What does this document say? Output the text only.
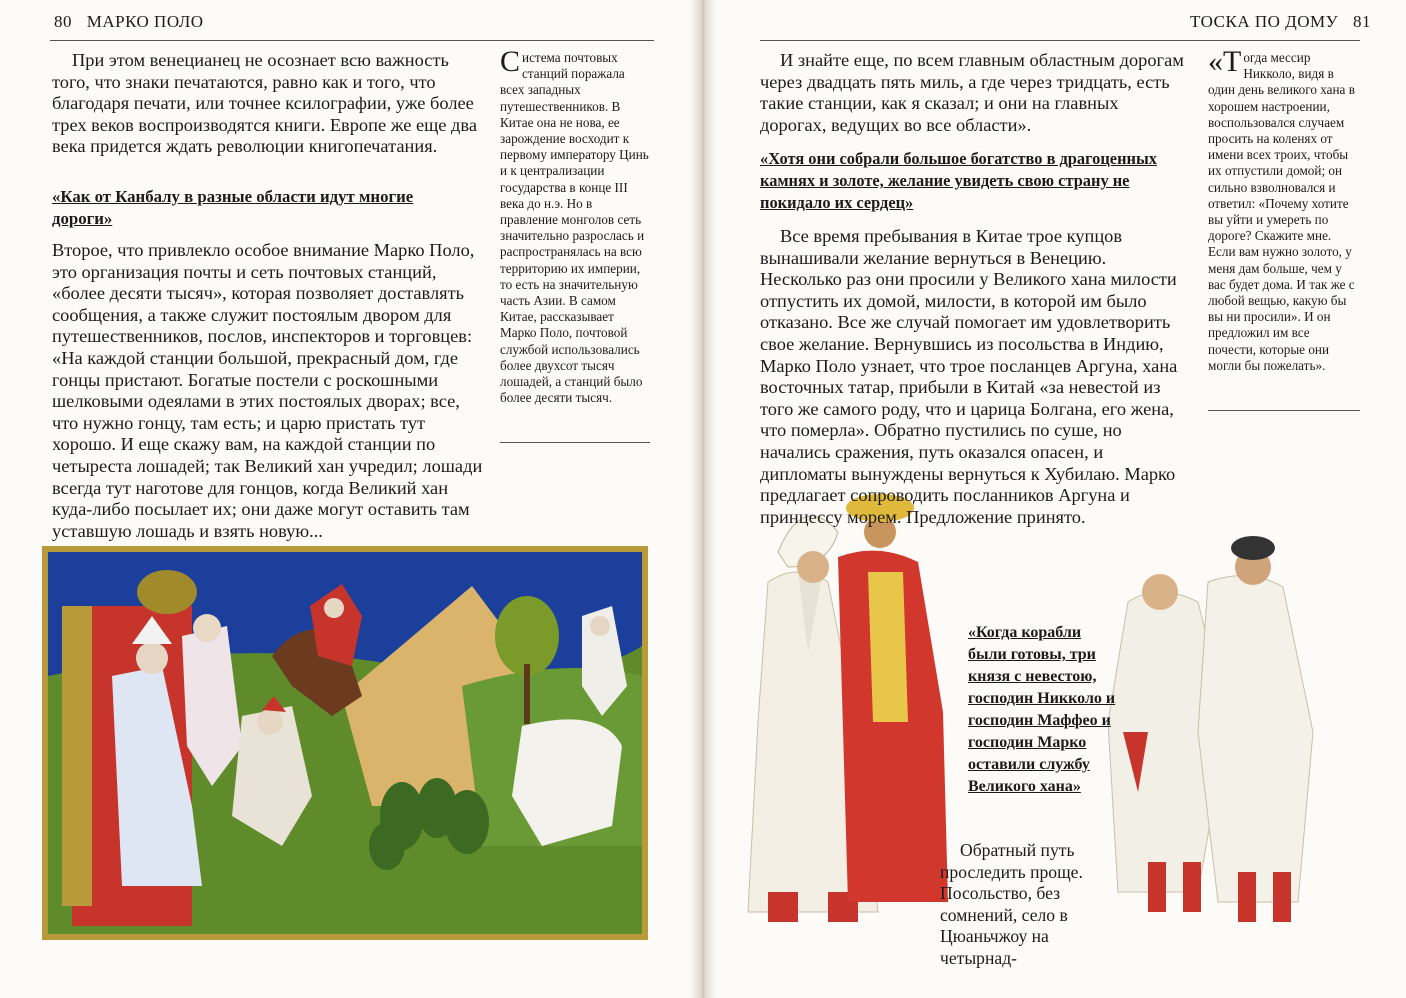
80 МАРКО ПОЛО

При этом венецианец не осознает всю важность того, что знаки печатаются, равно как и того, что благодаря печати, или точнее ксилографии, уже более трех веков воспроизводятся книги. Европе же еще два века придется ждать революции книгопечатания.

«Как от Канбалу в разные области идут многие дороги»

Второе, что привлекло особое внимание Марко Поло, это организация почты и сеть почтовых станций, «более десяти тысяч», которая позволяет доставлять сообщения, а также служит постоялым двором для путешественников, послов, инспекторов и торговцев: «На каждой станции большой, прекрасный дом, где гонцы пристают. Богатые постели с роскошными шелковыми одеялами в этих постоялых дворах; все, что нужно гонцу, там есть; и царю пристать тут хорошо. И еще скажу вам, на каждой станции по четыреста лошадей; так Великий хан учредил; лошади всегда тут наготове для гонцов, когда Великий хан куда-либо посылает их; они даже могут оставить там уставшую лошадь и взять новую...

Система почтовых станций поражала всех западных путешественников. В Китае она не нова, ее зарождение восходит к первому императору Цинь и к централизации государства в конце III века до н.э. Но в правление монголов сеть значительно разрослась и распространялась на всю территорию их империи, то есть на значительную часть Азии. В самом Китае, рассказывает Марко Поло, почтовой службой использовались более двухсот тысяч лошадей, а станций было более десяти тысяч.
ТОСКА ПО ДОМУ 81

И знайте еще, по всем главным областным дорогам через двадцать пять миль, а где через тридцать, есть такие станции, как я сказал; и они на главных дорогах, ведущих во все области».

«Хотя они собрали большое богатство в драгоценных камнях и золоте, желание увидеть свою страну не покидало их сердец»

Все время пребывания в Китае трое купцов вынашивали желание вернуться в Венецию. Несколько раз они просили у Великого хана милости отпустить их домой, милости, в которой им было отказано. Все же случай помогает им удовлетворить свое желание. Вернувшись из посольства в Индию, Марко Поло узнает, что трое посланцев Аргуна, хана восточных татар, прибыли в Китай «за невестой из того же самого роду, что и царица Болгана, его жена, что померла». Обратно пустились по суше, но начались сражения, путь оказался опасен, и дипломаты вынуждены вернуться к Хубилаю. Марко предлагает сопроводить посланников Аргуна и принцессу морем. Предложение принято.

«Когда корабли были готовы, три князя с невестою, господин Никколо и господин Маффео и господин Марко оставили службу Великого хана»

Обратный путь проследить проще. Посольство, без сомнений, село в Цюаньчжоу на четырнад-

«Тогда мессир Никколо, видя в один день великого хана в хорошем настроении, воспользовался случаем просить на коленях от имени всех троих, чтобы их отпустили домой; он сильно взволновался и ответил: «Почему хотите вы уйти и умереть по дороге? Скажите мне. Если вам нужно золото, у меня дам больше, чем у вас будет дома. И так же с любой вещью, какую бы вы ни просили». И он предложил им все почести, которые они могли бы пожелать».
